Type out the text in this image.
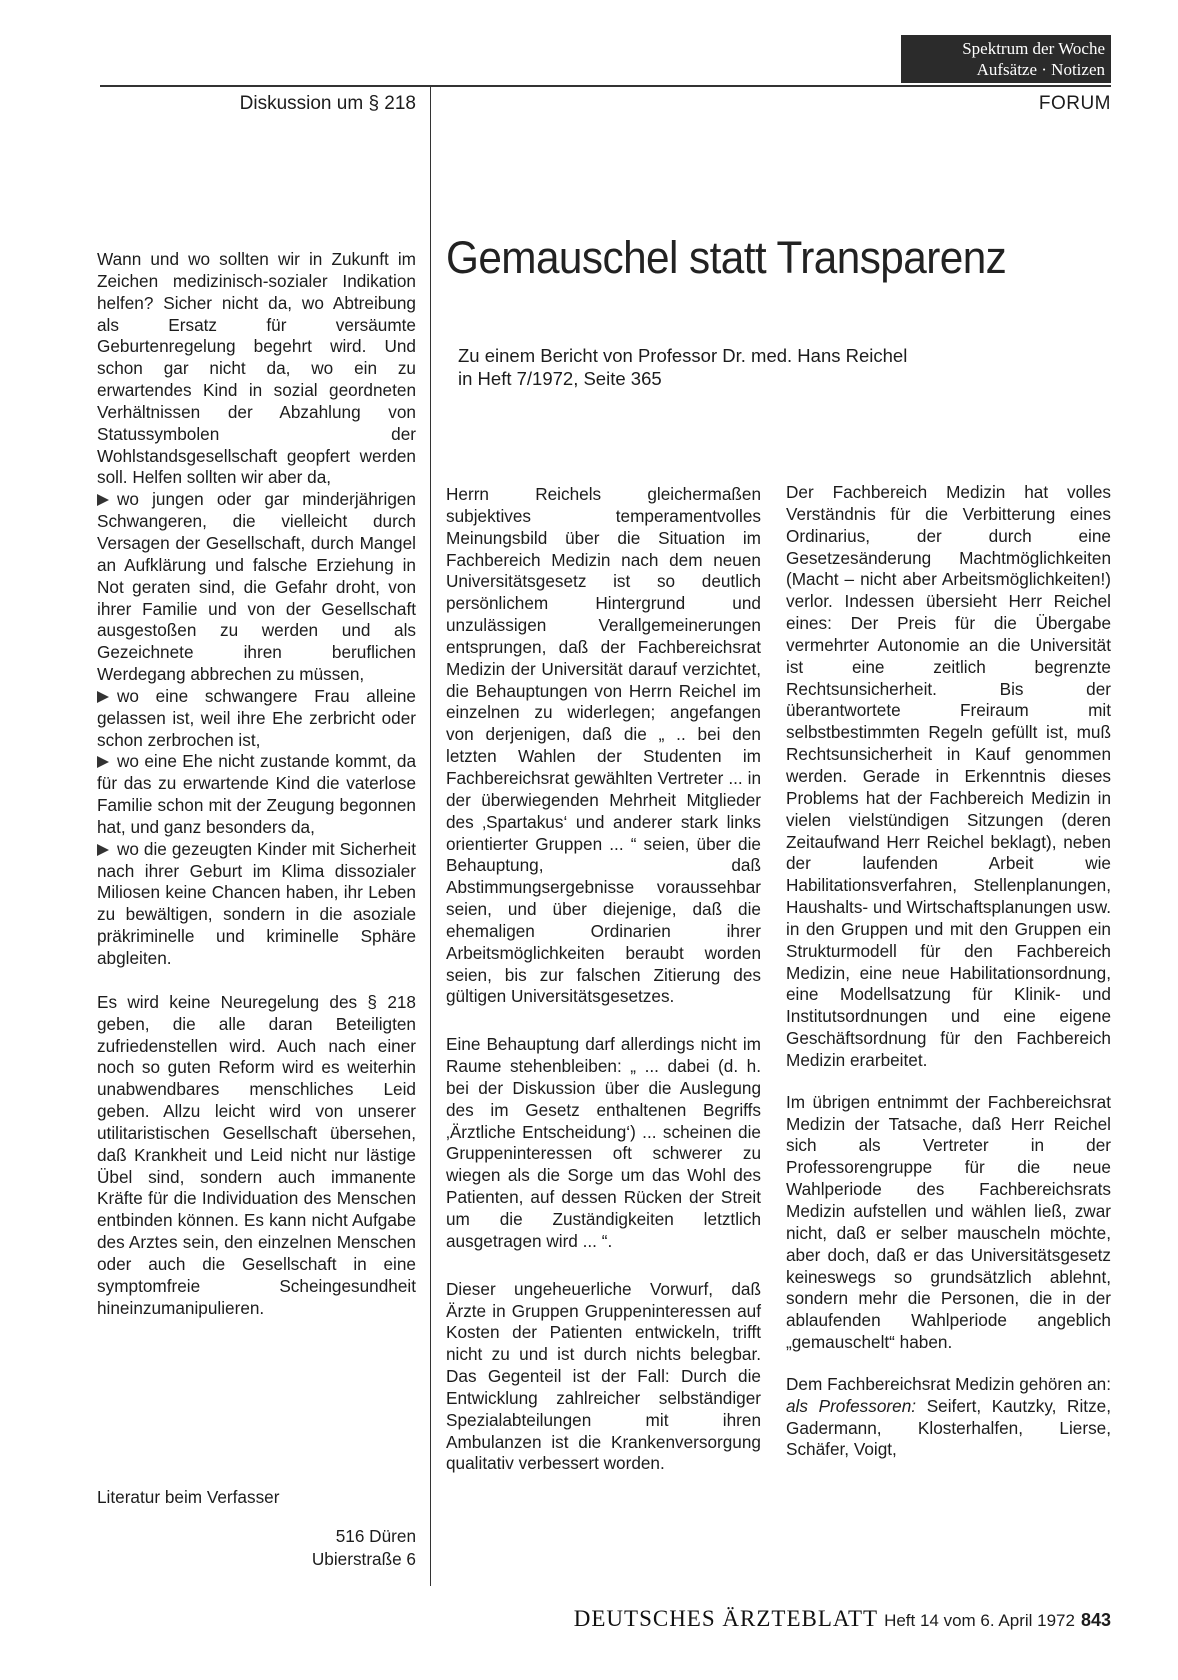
Spektrum der Woche
Aufsätze · Notizen
Diskussion um § 218	FORUM
Gemauschel statt Transparenz
Zu einem Bericht von Professor Dr. med. Hans Reichel
in Heft 7/1972, Seite 365

Wann und wo sollten wir in Zukunft im Zeichen medizinisch-sozialer Indikation helfen? Sicher nicht da, wo Abtreibung als Ersatz für versäumte Geburtenregelung begehrt wird. Und schon gar nicht da, wo ein zu erwartendes Kind in sozial geordneten Verhältnissen der Abzahlung von Statussymbolen der Wohlstandsgesellschaft geopfert werden soll. Helfen sollten wir aber da,

wo jungen oder gar minderjährigen Schwangeren, die vielleicht durch Versagen der Gesellschaft, durch Mangel an Aufklärung und falsche Erziehung in Not geraten sind, die Gefahr droht, von ihrer Familie und von der Gesellschaft ausgestoßen zu werden und als Gezeichnete ihren beruflichen Werdegang abbrechen zu müssen,

wo eine schwangere Frau alleine gelassen ist, weil ihre Ehe zerbricht oder schon zerbrochen ist,

wo eine Ehe nicht zustande kommt, da für das zu erwartende Kind die vaterlose Familie schon mit der Zeugung begonnen hat, und ganz besonders da,

wo die gezeugten Kinder mit Sicherheit nach ihrer Geburt im Klima dissozialer Miliosen keine Chancen haben, ihr Leben zu bewältigen, sondern in die asoziale präkriminelle und kriminelle Sphäre abgleiten.

Es wird keine Neuregelung des § 218 geben, die alle daran Beteiligten zufriedenstellen wird. Auch nach einer noch so guten Reform wird es weiterhin unabwendbares menschliches Leid geben. Allzu leicht wird von unserer utilitaristischen Gesellschaft übersehen, daß Krankheit und Leid nicht nur lästige Übel sind, sondern auch immanente Kräfte für die Individuation des Menschen entbinden können. Es kann nicht Aufgabe des Arztes sein, den einzelnen Menschen oder auch die Gesellschaft in eine symptomfreie Scheingesundheit hineinzumanipulieren.

Literatur beim Verfasser
516 Düren
Ubierstraße 6

Herrn Reichels gleichermaßen subjektives temperamentvolles Meinungsbild über die Situation im Fachbereich Medizin nach dem neuen Universitätsgesetz ist so deutlich persönlichem Hintergrund und unzulässigen Verallgemeinerungen entsprungen, daß der Fachbereichsrat Medizin der Universität darauf verzichtet, die Behauptungen von Herrn Reichel im einzelnen zu widerlegen; angefangen von derjenigen, daß die „ .. bei den letzten Wahlen der Studenten im Fachbereichsrat gewählten Vertreter ... in der überwiegenden Mehrheit Mitglieder des ‚Spartakus‘ und anderer stark links orientierter Gruppen ... “ seien, über die Behauptung, daß Abstimmungsergebnisse voraussehbar seien, und über diejenige, daß die ehemaligen Ordinarien ihrer Arbeitsmöglichkeiten beraubt worden seien, bis zur falschen Zitierung des gültigen Universitätsgesetzes.

Eine Behauptung darf allerdings nicht im Raume stehenbleiben: „ ... dabei (d. h. bei der Diskussion über die Auslegung des im Gesetz enthaltenen Begriffs ‚Ärztliche Entscheidung‘) ... scheinen die Gruppeninteressen oft schwerer zu wiegen als die Sorge um das Wohl des Patienten, auf dessen Rücken der Streit um die Zuständigkeiten letztlich ausgetragen wird ... “.

Dieser ungeheuerliche Vorwurf, daß Ärzte in Gruppen Gruppeninteressen auf Kosten der Patienten entwickeln, trifft nicht zu und ist durch nichts belegbar. Das Gegenteil ist der Fall: Durch die Entwicklung zahlreicher selbständiger Spezialabteilungen mit ihren Ambulanzen ist die Krankenversorgung qualitativ verbessert worden.

Der Fachbereich Medizin hat volles Verständnis für die Verbitterung eines Ordinarius, der durch eine Gesetzesänderung Machtmöglichkeiten (Macht – nicht aber Arbeitsmöglichkeiten!) verlor. Indessen übersieht Herr Reichel eines: Der Preis für die Übergabe vermehrter Autonomie an die Universität ist eine zeitlich begrenzte Rechtsunsicherheit. Bis der überantwortete Freiraum mit selbstbestimmten Regeln gefüllt ist, muß Rechtsunsicherheit in Kauf genommen werden. Gerade in Erkenntnis dieses Problems hat der Fachbereich Medizin in vielen vielstündigen Sitzungen (deren Zeitaufwand Herr Reichel beklagt), neben der laufenden Arbeit wie Habilitationsverfahren, Stellenplanungen, Haushalts- und Wirtschaftsplanungen usw. in den Gruppen und mit den Gruppen ein Strukturmodell für den Fachbereich Medizin, eine neue Habilitationsordnung, eine Modellsatzung für Klinik- und Institutsordnungen und eine eigene Geschäftsordnung für den Fachbereich Medizin erarbeitet.

Im übrigen entnimmt der Fachbereichsrat Medizin der Tatsache, daß Herr Reichel sich als Vertreter in der Professorengruppe für die neue Wahlperiode des Fachbereichsrats Medizin aufstellen und wählen ließ, zwar nicht, daß er selber mauscheln möchte, aber doch, daß er das Universitätsgesetz keineswegs so grundsätzlich ablehnt, sondern mehr die Personen, die in der ablaufenden Wahlperiode angeblich „gemauschelt“ haben.

Dem Fachbereichsrat Medizin gehören an: als Professoren: Seifert, Kautzky, Ritze, Gadermann, Klosterhalfen, Lierse, Schäfer, Voigt,

DEUTSCHES ÄRZTEBLATT Heft 14 vom 6. April 1972 843
